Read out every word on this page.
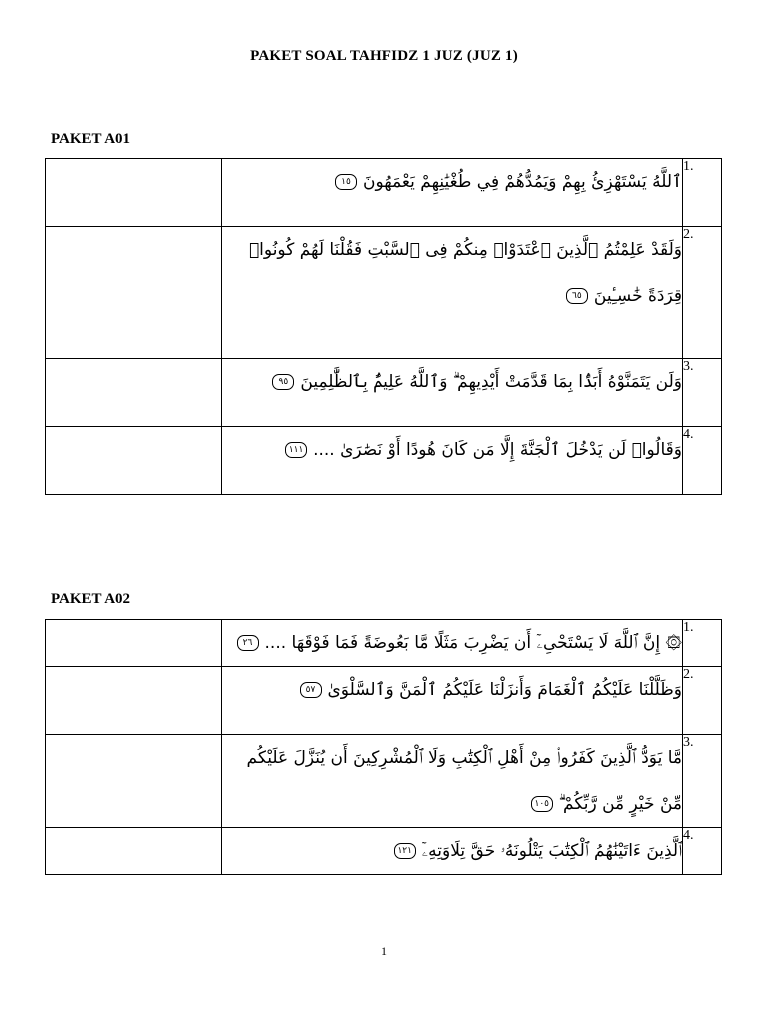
PAKET SOAL TAHFIDZ 1 JUZ (JUZ 1)
PAKET A01
	ٱللَّهُ يَسْتَهْزِئُ بِهِمْ وَيَمُدُّهُمْ فِي طُغْيَٰنِهِمْ يَعْمَهُونَ١٥	1.
	وَلَقَدْ عَلِمْتُمُ ٱلَّذِينَ ٱعْتَدَوْا۟ مِنكُمْ فِى ٱلسَّبْتِ فَقُلْنَا لَهُمْ كُونُوا۟ قِرَدَةً خَٰسِـِٔينَ٦٥	2.
	وَلَن يَتَمَنَّوْهُ أَبَدًۢا بِمَا قَدَّمَتْ أَيْدِيهِمْ ۗ وَٱللَّهُ عَلِيمٌۢ بِٱلظَّٰلِمِينَ٩٥	3.
	وَقَالُوا۟ لَن يَدْخُلَ ٱلْجَنَّةَ إِلَّا مَن كَانَ هُودًا أَوْ نَصَٰرَىٰ ....١١١	4.
PAKET A02
	۞ إِنَّ ٱللَّهَ لَا يَسْتَحْىِۦٓ أَن يَضْرِبَ مَثَلًا مَّا بَعُوضَةً فَمَا فَوْقَهَا ....٢٦	1.
	وَظَلَّلْنَا عَلَيْكُمُ ٱلْغَمَامَ وَأَنزَلْنَا عَلَيْكُمُ ٱلْمَنَّ وَٱلسَّلْوَىٰ٥٧	2.
	مَّا يَوَدُّ ٱلَّذِينَ كَفَرُوا۟ مِنْ أَهْلِ ٱلْكِتَٰبِ وَلَا ٱلْمُشْرِكِينَ أَن يُنَزَّلَ عَلَيْكُم مِّنْ خَيْرٍ مِّن رَّبِّكُمْ ۗ١٠٥	3.
	ٱلَّذِينَ ءَاتَيْنَٰهُمُ ٱلْكِتَٰبَ يَتْلُونَهُۥ حَقَّ تِلَاوَتِهِۦٓ١٢١	4.
1
